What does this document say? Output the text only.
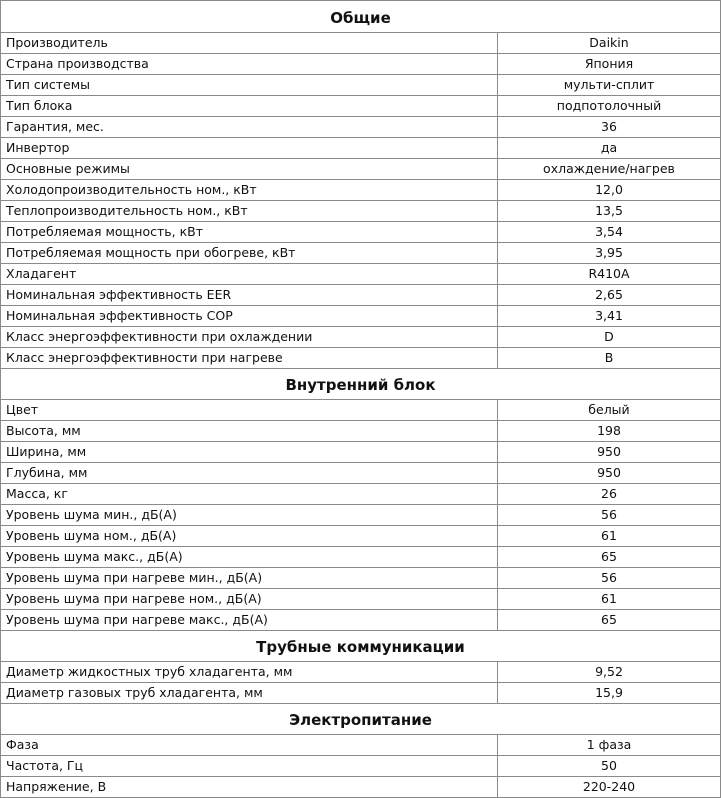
Общие	
Производитель	Daikin
Страна производства	Япония
Тип системы	мульти-сплит
Тип блока	подпотолочный
Гарантия, мес.	36
Инвертор	да
Основные режимы	охлаждение/нагрев
Холодопроизводительность ном., кВт	12,0
Теплопроизводительность ном., кВт	13,5
Потребляемая мощность, кВт	3,54
Потребляемая мощность при обогреве, кВт	3,95
Хладагент	R410A
Номинальная эффективность EER	2,65
Номинальная эффективность COP	3,41
Класс энергоэффективности при охлаждении	D
Класс энергоэффективности при нагреве	B
Внутренний блок	
Цвет	белый
Высота, мм	198
Ширина, мм	950
Глубина, мм	950
Масса, кг	26
Уровень шума мин., дБ(А)	56
Уровень шума ном., дБ(А)	61
Уровень шума макс., дБ(А)	65
Уровень шума при нагреве мин., дБ(А)	56
Уровень шума при нагреве ном., дБ(А)	61
Уровень шума при нагреве макс., дБ(А)	65
Трубные коммуникации	
Диаметр жидкостных труб хладагента, мм	9,52
Диаметр газовых труб хладагента, мм	15,9
Электропитание	
Фаза	1 фаза
Частота, Гц	50
Напряжение, В	220-240
